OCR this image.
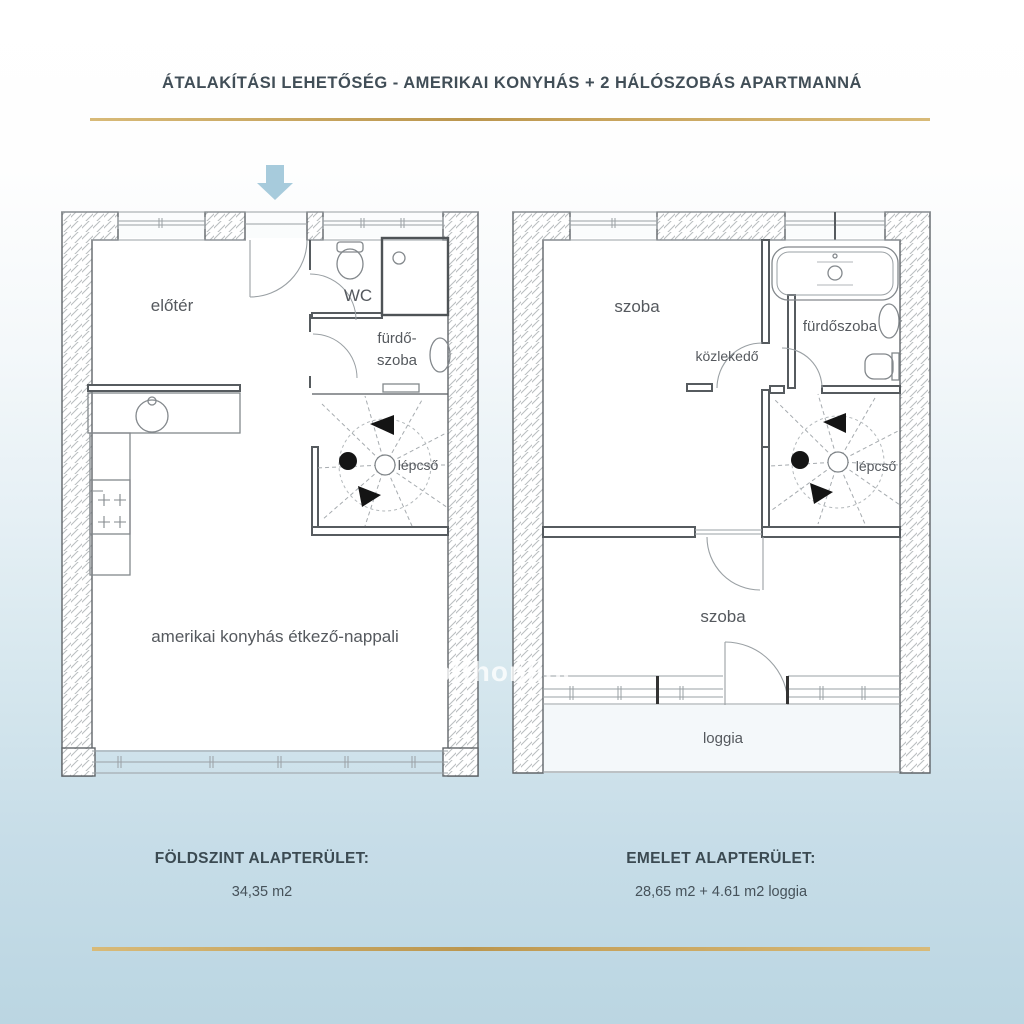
ÁTALAKÍTÁSI LEHETŐSÉG - AMERIKAI KONYHÁS + 2 HÁLÓSZOBÁS APARTMANNÁ
előtér
WC
fürdő-
szoba
lépcső
amerikai konyhás étkező-nappali
szoba
közlekedő
fürdőszoba
lépcső
szoba
loggia
otthonline
FÖLDSZINT ALAPTERÜLET:
34,35 m2
EMELET ALAPTERÜLET:
28,65 m2 + 4.61 m2 loggia
